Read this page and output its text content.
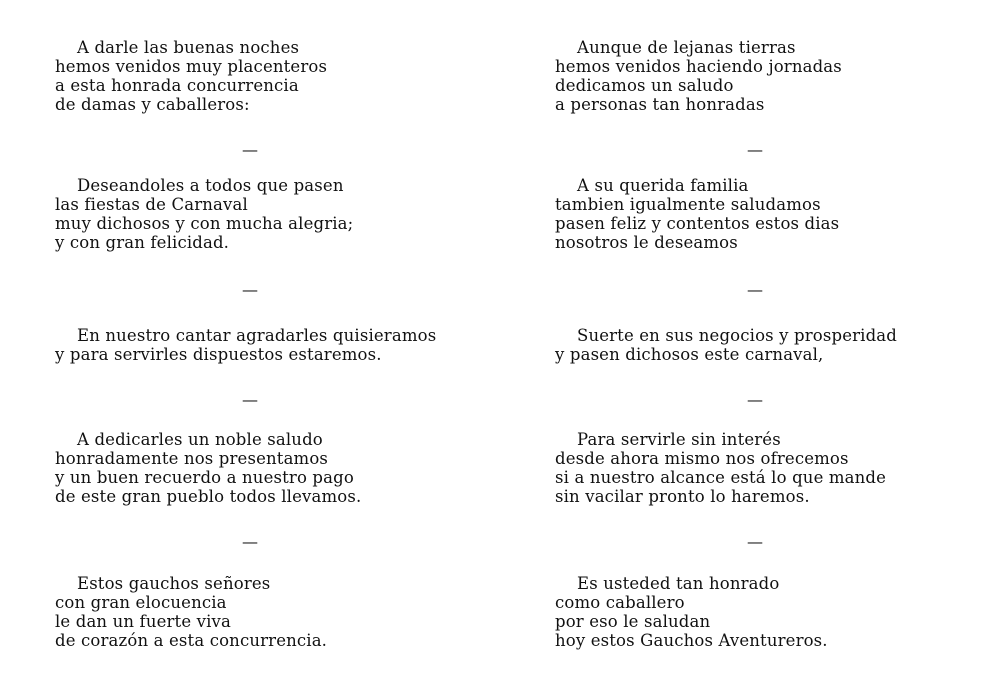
A darle las buenas noches
hemos venidos muy placenteros
a esta honrada concurrencia
de damas y caballeros:
—
Deseandoles a todos que pasen
las fiestas de Carnaval
muy dichosos y con mucha alegria;
y con gran felicidad.
—
En nuestro cantar agradarles quisieramos
y para servirles dispuestos estaremos.
—
A dedicarles un noble saludo
honradamente nos presentamos
y un buen recuerdo a nuestro pago
de este gran pueblo todos llevamos.
—
Estos gauchos señores
con gran elocuencia
le dan un fuerte viva
de corazón a esta concurrencia.
Aunque de lejanas tierras
hemos venidos haciendo jornadas
dedicamos un saludo
a personas tan honradas
—
A su querida familia
tambien igualmente saludamos
pasen feliz y contentos estos dias
nosotros le deseamos
—
Suerte en sus negocios y prosperidad
y pasen dichosos este carnaval,
—
Para servirle sin interés
desde ahora mismo nos ofrecemos
si a nuestro alcance está lo que mande
sin vacilar pronto lo haremos.
—
Es usteded tan honrado
como caballero
por eso le saludan
hoy estos Gauchos Aventureros.
